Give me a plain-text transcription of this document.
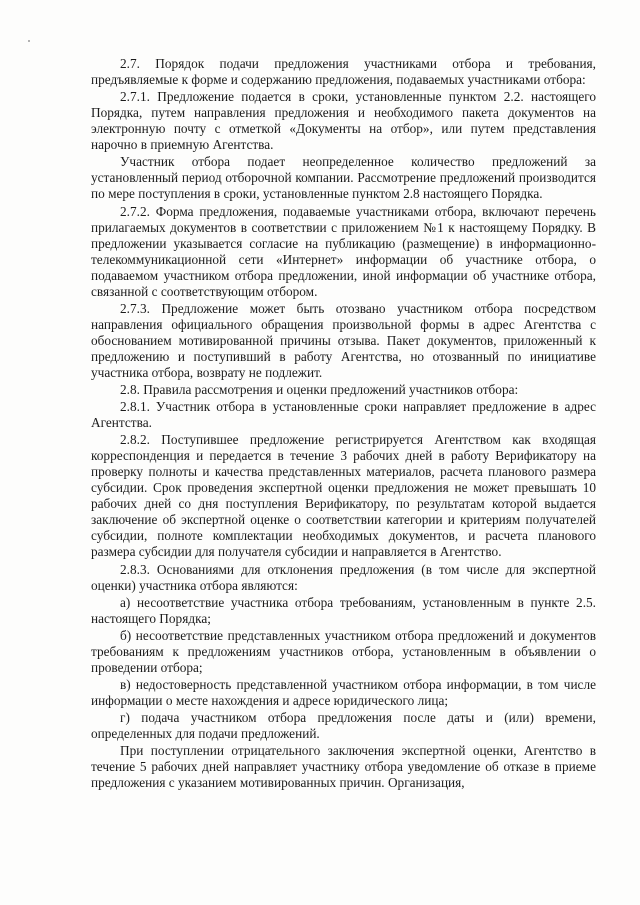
2.7. Порядок подачи предложения участниками отбора и требования, предъявляемые к форме и содержанию предложения, подаваемых участниками отбора:

2.7.1. Предложение подается в сроки, установленные пунктом 2.2. настоящего Порядка, путем направления предложения и необходимого пакета документов на электронную почту с отметкой «Документы на отбор», или путем представления нарочно в приемную Агентства.

Участник отбора подает неопределенное количество предложений за установленный период отборочной компании. Рассмотрение предложений производится по мере поступления в сроки, установленные пунктом 2.8 настоящего Порядка.

2.7.2. Форма предложения, подаваемые участниками отбора, включают перечень прилагаемых документов в соответствии с приложением №1 к настоящему Порядку. В предложении указывается согласие на публикацию (размещение) в информационно-телекоммуникационной сети «Интернет» информации об участнике отбора, о подаваемом участником отбора предложении, иной информации об участнике отбора, связанной с соответствующим отбором.

2.7.3. Предложение может быть отозвано участником отбора посредством направления официального обращения произвольной формы в адрес Агентства с обоснованием мотивированной причины отзыва. Пакет документов, приложенный к предложению и поступивший в работу Агентства, но отозванный по инициативе участника отбора, возврату не подлежит.

2.8. Правила рассмотрения и оценки предложений участников отбора:

2.8.1. Участник отбора в установленные сроки направляет предложение в адрес Агентства.

2.8.2. Поступившее предложение регистрируется Агентством как входящая корреспонденция и передается в течение 3 рабочих дней в работу Верификатору на проверку полноты и качества представленных материалов, расчета планового размера субсидии. Срок проведения экспертной оценки предложения не может превышать 10 рабочих дней со дня поступления Верификатору, по результатам которой выдается заключение об экспертной оценке о соответствии категории и критериям получателей субсидии, полноте комплектации необходимых документов, и расчета планового размера субсидии для получателя субсидии и направляется в Агентство.

2.8.3. Основаниями для отклонения предложения (в том числе для экспертной оценки) участника отбора являются:

а) несоответствие участника отбора требованиям, установленным в пункте 2.5. настоящего Порядка;

б) несоответствие представленных участником отбора предложений и документов требованиям к предложениям участников отбора, установленным в объявлении о проведении отбора;

в) недостоверность представленной участником отбора информации, в том числе информации о месте нахождения и адресе юридического лица;

г) подача участником отбора предложения после даты и (или) времени, определенных для подачи предложений.

При поступлении отрицательного заключения экспертной оценки, Агентство в течение 5 рабочих дней направляет участнику отбора уведомление об отказе в приеме предложения с указанием мотивированных причин. Организация,
